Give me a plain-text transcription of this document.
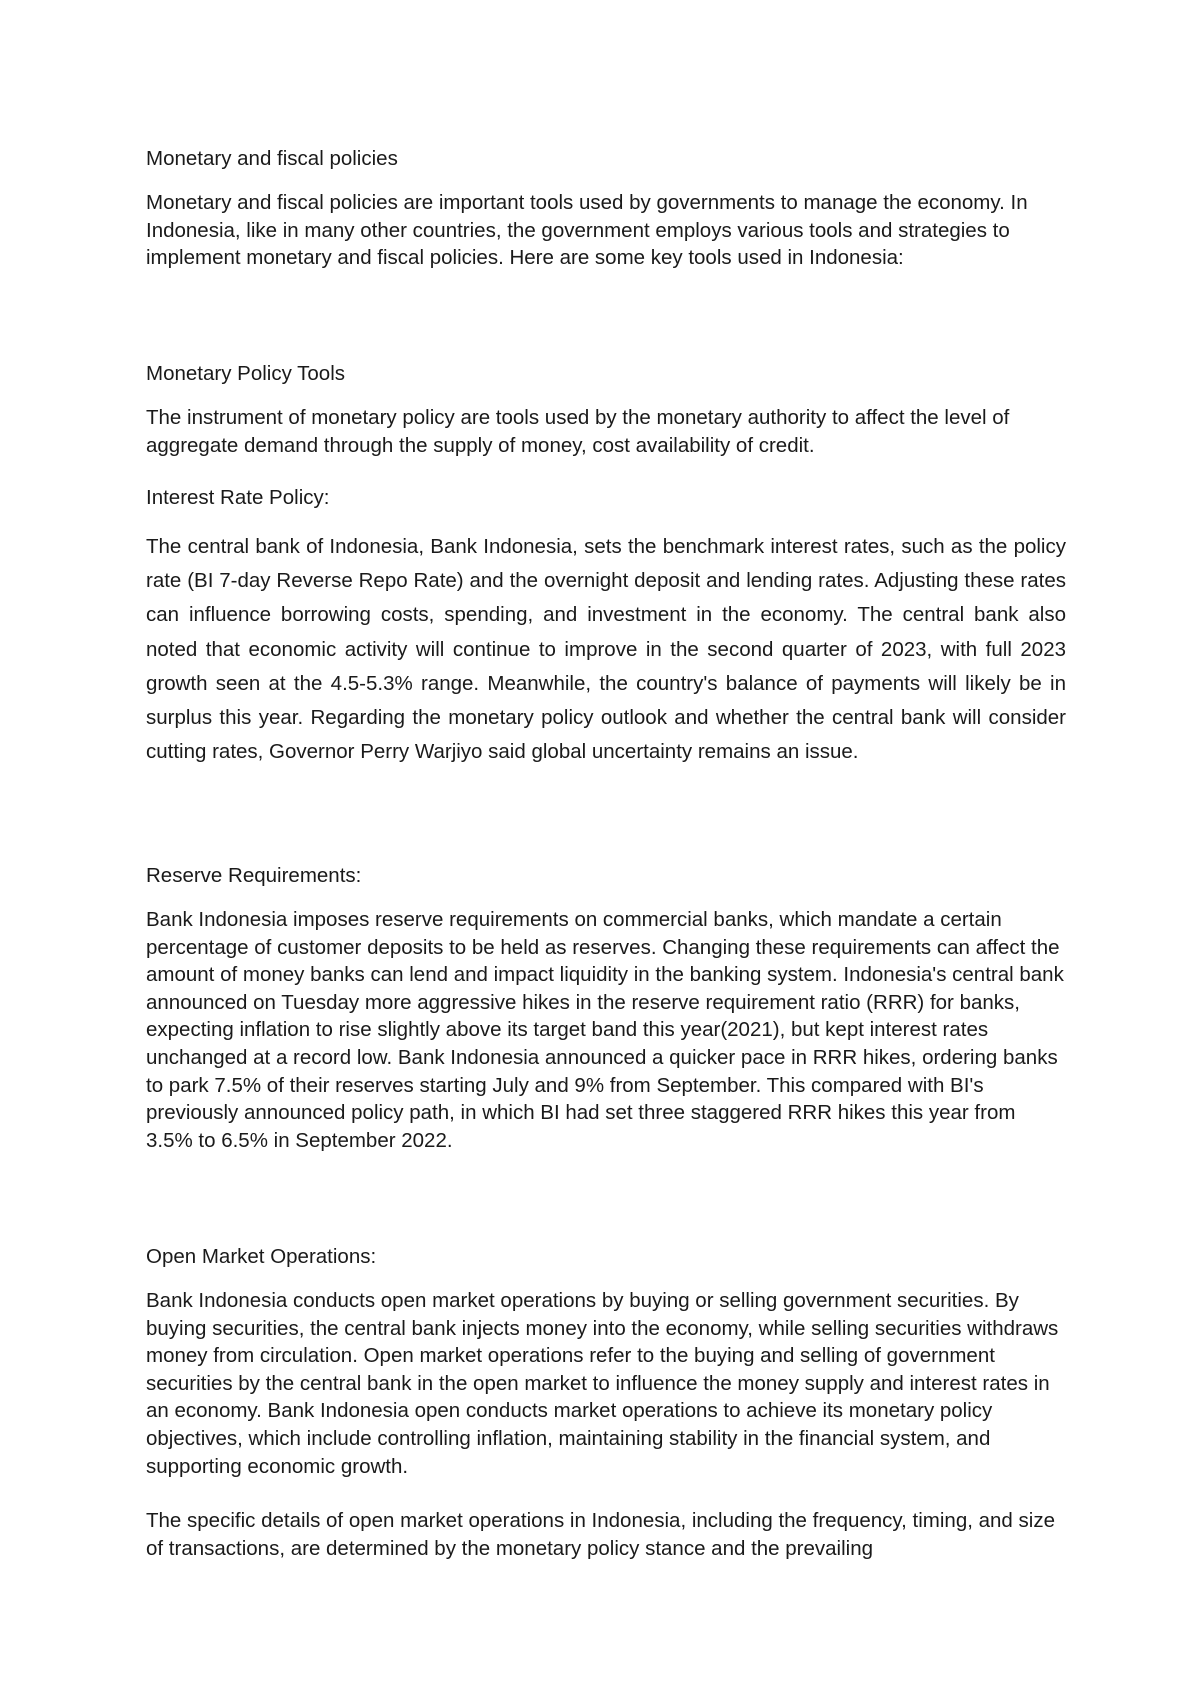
Monetary and fiscal policies

Monetary and fiscal policies are important tools used by governments to manage the economy. In Indonesia, like in many other countries, the government employs various tools and strategies to implement monetary and fiscal policies. Here are some key tools used in Indonesia:

Monetary Policy Tools

The instrument of monetary policy are tools used by the monetary authority to affect the level of aggregate demand through the supply of money, cost availability of credit.

Interest Rate Policy:

The central bank of Indonesia, Bank Indonesia, sets the benchmark interest rates, such as the policy rate (BI 7-day Reverse Repo Rate) and the overnight deposit and lending rates. Adjusting these rates can influence borrowing costs, spending, and investment in the economy. The central bank also noted that economic activity will continue to improve in the second quarter of 2023, with full 2023 growth seen at the 4.5-5.3% range. Meanwhile, the country's balance of payments will likely be in surplus this year. Regarding the monetary policy outlook and whether the central bank will consider cutting rates, Governor Perry Warjiyo said global uncertainty remains an issue.

Reserve Requirements:

Bank Indonesia imposes reserve requirements on commercial banks, which mandate a certain percentage of customer deposits to be held as reserves. Changing these requirements can affect the amount of money banks can lend and impact liquidity in the banking system. Indonesia's central bank announced on Tuesday more aggressive hikes in the reserve requirement ratio (RRR) for banks, expecting inflation to rise slightly above its target band this year(2021), but kept interest rates unchanged at a record low. Bank Indonesia announced a quicker pace in RRR hikes, ordering banks to park 7.5% of their reserves starting July and 9% from September. This compared with BI's previously announced policy path, in which BI had set three staggered RRR hikes this year from 3.5% to 6.5% in September 2022.

Open Market Operations:

Bank Indonesia conducts open market operations by buying or selling government securities. By buying securities, the central bank injects money into the economy, while selling securities withdraws money from circulation. Open market operations refer to the buying and selling of government securities by the central bank in the open market to influence the money supply and interest rates in an economy. Bank Indonesia open conducts market operations to achieve its monetary policy objectives, which include controlling inflation, maintaining stability in the financial system, and supporting economic growth.

The specific details of open market operations in Indonesia, including the frequency, timing, and size of transactions, are determined by the monetary policy stance and the prevailing
